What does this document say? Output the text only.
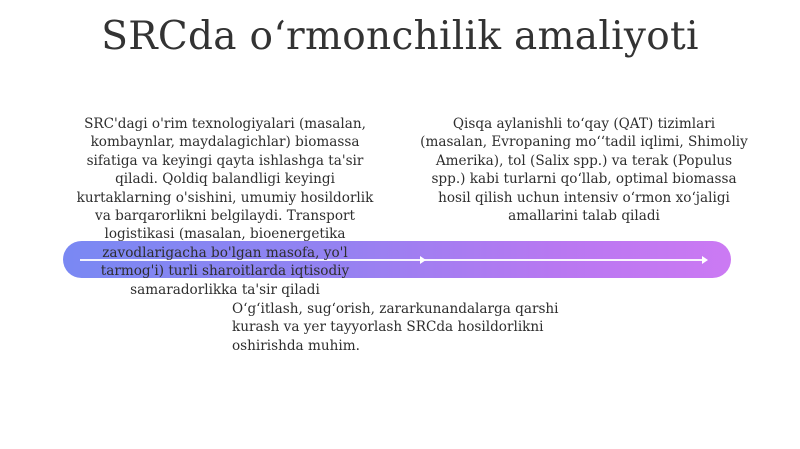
SRCda o‘rmonchilik amaliyoti
SRC'dagi o'rim texnologiyalari (masalan, kombaynlar, maydalagichlar) biomassa sifatiga va keyingi qayta ishlashga ta'sir qiladi. Qoldiq balandligi keyingi kurtaklarning o'sishini, umumiy hosildorlik va barqarorlikni belgilaydi. Transport logistikasi (masalan, bioenergetika zavodlarigacha bo'lgan masofa, yo'l tarmog'i) turli sharoitlarda iqtisodiy samaradorlikka ta'sir qiladi
Qisqa aylanishli to‘qay (QAT) tizimlari (masalan, Evropaning mo‘‘tadil iqlimi, Shimoliy Amerika), tol (Salix spp.) va terak (Populus spp.) kabi turlarni qo‘llab, optimal biomassa hosil qilish uchun intensiv o‘rmon xo‘jaligi amallarini talab qiladi
O‘g‘itlash, sug‘orish, zararkunandalarga qarshi kurash va yer tayyorlash SRCda hosildorlikni oshirishda muhim.
